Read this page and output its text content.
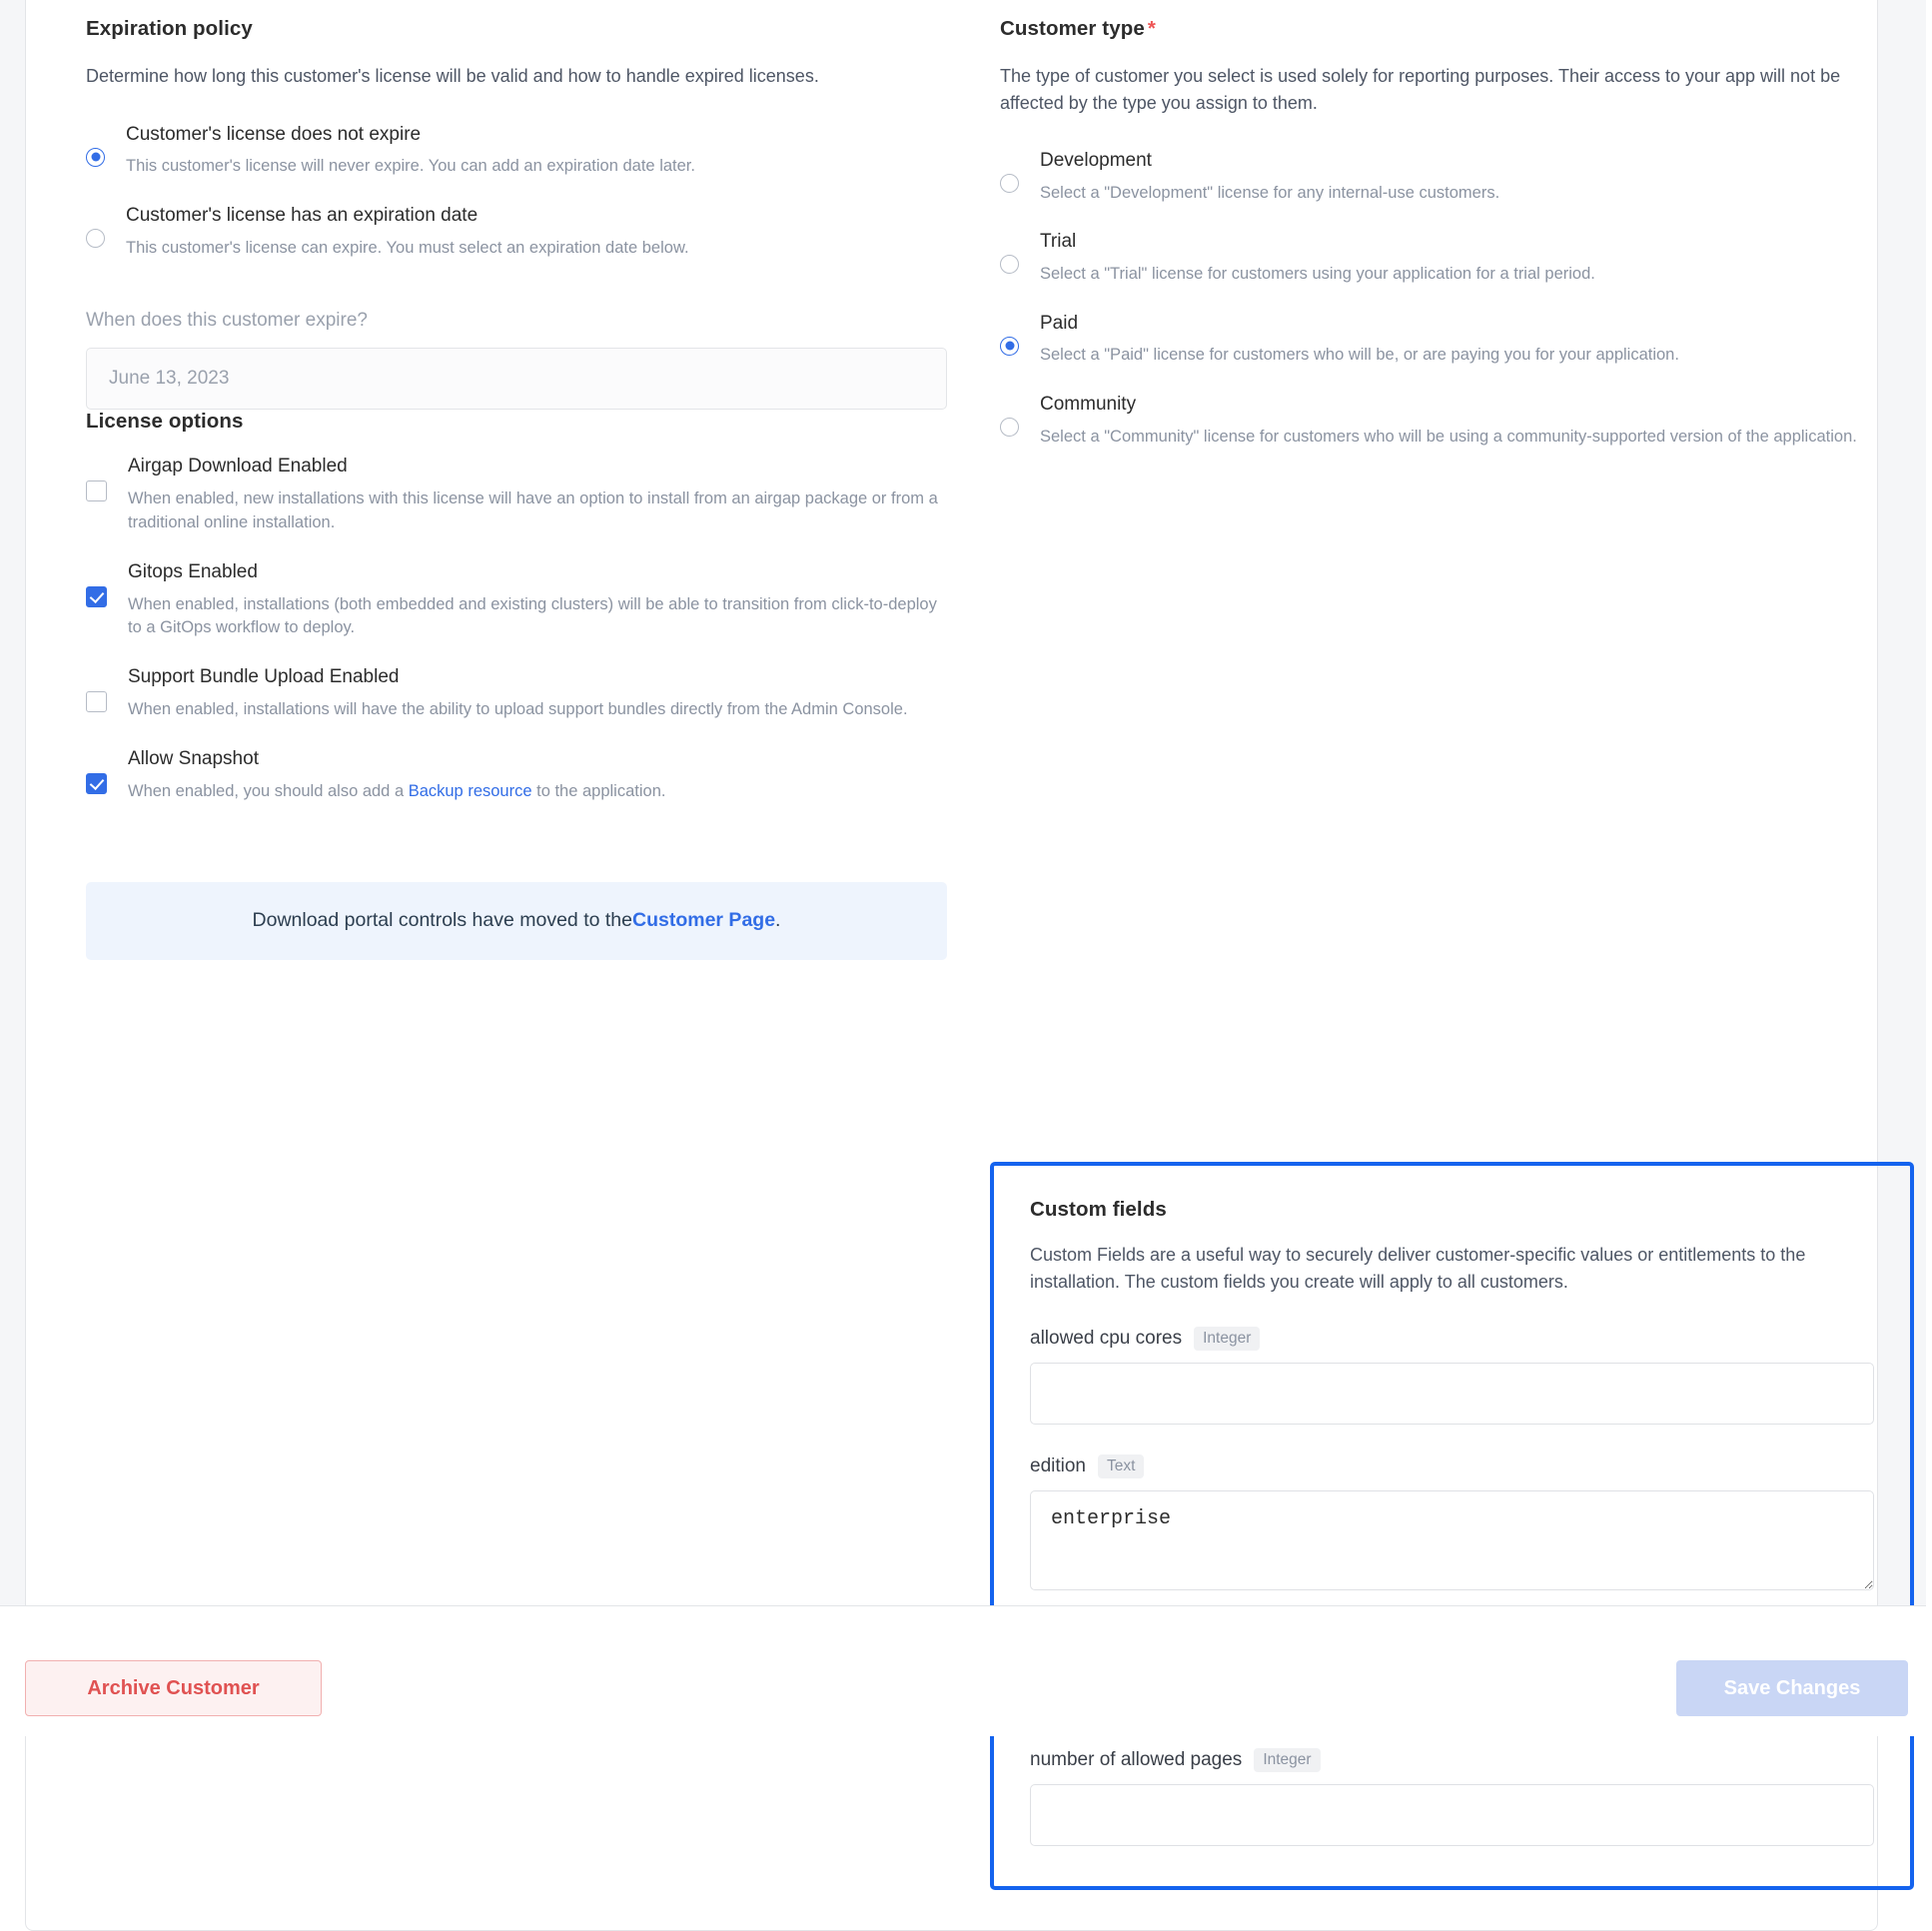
Expiration policy

Determine how long this customer's license will be valid and how to handle expired licenses.

Customer's license does not expire
This customer's license will never expire. You can add an expiration date later.
Customer's license has an expiration date
This customer's license can expire. You must select an expiration date below.
When does this customer expire?
June 13, 2023
License options
Airgap Download Enabled
When enabled, new installations with this license will have an option to install from an airgap package or from a traditional online installation.
Gitops Enabled
When enabled, installations (both embedded and existing clusters) will be able to transition from click-to-deploy to a GitOps workflow to deploy.
Support Bundle Upload Enabled
When enabled, installations will have the ability to upload support bundles directly from the Admin Console.
Allow Snapshot
When enabled, you should also add a Backup resource to the application.
Download portal controls have moved to the Customer Page .
Customer type *

The type of customer you select is used solely for reporting purposes. Their access to your app will not be affected by the type you assign to them.

Development
Select a "Development" license for any internal-use customers.
Trial
Select a "Trial" license for customers using your application for a trial period.
Paid
Select a "Paid" license for customers who will be, or are paying you for your application.
Community
Select a "Community" license for customers who will be using a community-supported version of the application.
Custom fields

Custom Fields are a useful way to securely deliver customer-specific values or entitlements to the installation. The custom fields you create will apply to all customers.

allowed cpu cores	Integer
edition	Text
enterprise
number of allowed pages	Integer
Archive Customer	Save Changes
